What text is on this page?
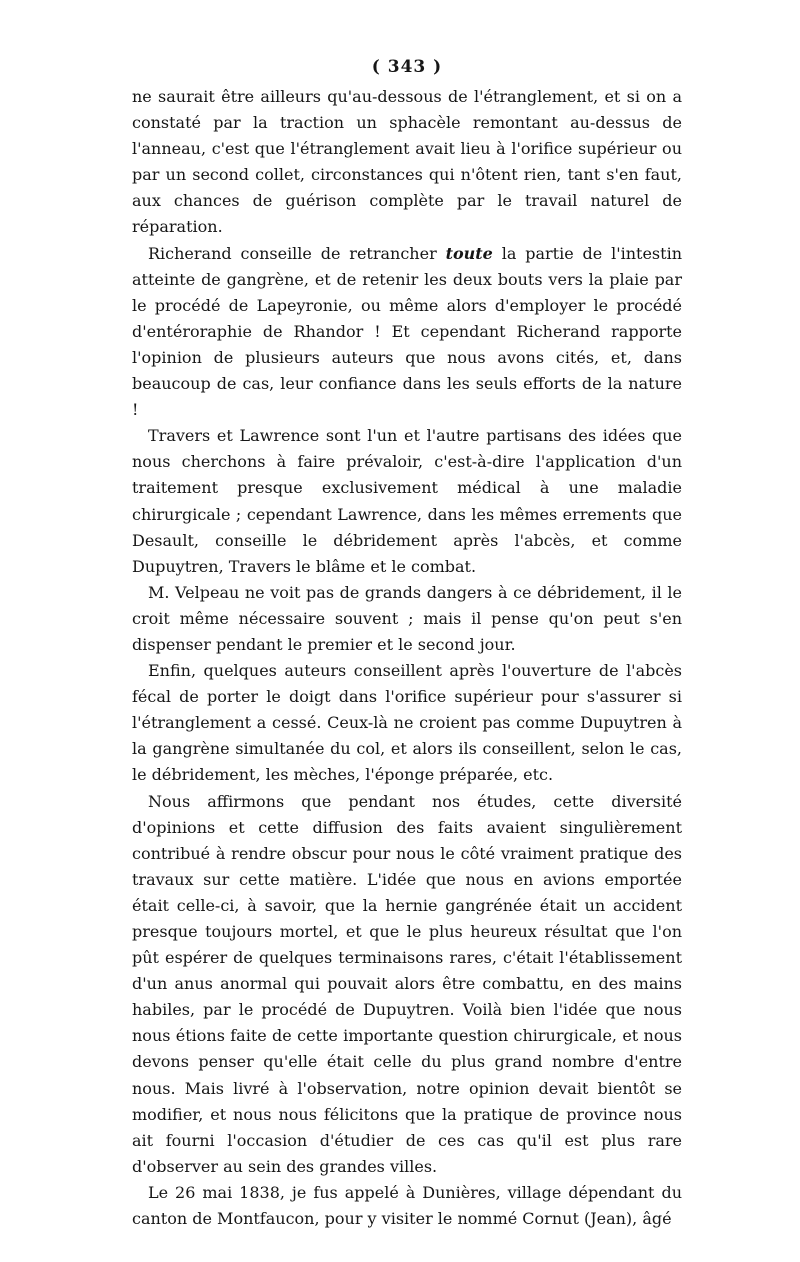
( 343 )

ne saurait être ailleurs qu'au-dessous de l'étranglement, et si on a constaté par la traction un sphacèle remontant au-dessus de l'anneau, c'est que l'étranglement avait lieu à l'orifice supérieur ou par un second collet, circonstances qui n'ôtent rien, tant s'en faut, aux chances de guérison complète par le travail naturel de réparation.

Richerand conseille de retrancher toute la partie de l'intestin atteinte de gangrène, et de retenir les deux bouts vers la plaie par le procédé de Lapeyronie, ou même alors d'employer le procédé d'entéroraphie de Rhandor ! Et cependant Richerand rapporte l'opinion de plusieurs auteurs que nous avons cités, et, dans beaucoup de cas, leur confiance dans les seuls efforts de la nature !

Travers et Lawrence sont l'un et l'autre partisans des idées que nous cherchons à faire prévaloir, c'est-à-dire l'application d'un traitement presque exclusivement médical à une maladie chirurgicale ; cependant Lawrence, dans les mêmes errements que Desault, conseille le débridement après l'abcès, et comme Dupuytren, Travers le blâme et le combat.

M. Velpeau ne voit pas de grands dangers à ce débridement, il le croit même nécessaire souvent ; mais il pense qu'on peut s'en dispenser pendant le premier et le second jour.

Enfin, quelques auteurs conseillent après l'ouverture de l'abcès fécal de porter le doigt dans l'orifice supérieur pour s'assurer si l'étranglement a cessé. Ceux-là ne croient pas comme Dupuytren à la gangrène simultanée du col, et alors ils conseillent, selon le cas, le débridement, les mèches, l'éponge préparée, etc.

Nous affirmons que pendant nos études, cette diversité d'opinions et cette diffusion des faits avaient singulièrement contribué à rendre obscur pour nous le côté vraiment pratique des travaux sur cette matière. L'idée que nous en avions emportée était celle-ci, à savoir, que la hernie gangrénée était un accident presque toujours mortel, et que le plus heureux résultat que l'on pût espérer de quelques terminaisons rares, c'était l'établissement d'un anus anormal qui pouvait alors être combattu, en des mains habiles, par le procédé de Dupuytren. Voilà bien l'idée que nous nous étions faite de cette importante question chirurgicale, et nous devons penser qu'elle était celle du plus grand nombre d'entre nous. Mais livré à l'observation, notre opinion devait bientôt se modifier, et nous nous félicitons que la pratique de province nous ait fourni l'occasion d'étudier de ces cas qu'il est plus rare d'observer au sein des grandes villes.

Le 26 mai 1838, je fus appelé à Dunières, village dépendant du canton de Montfaucon, pour y visiter le nommé Cornut (Jean), âgé
